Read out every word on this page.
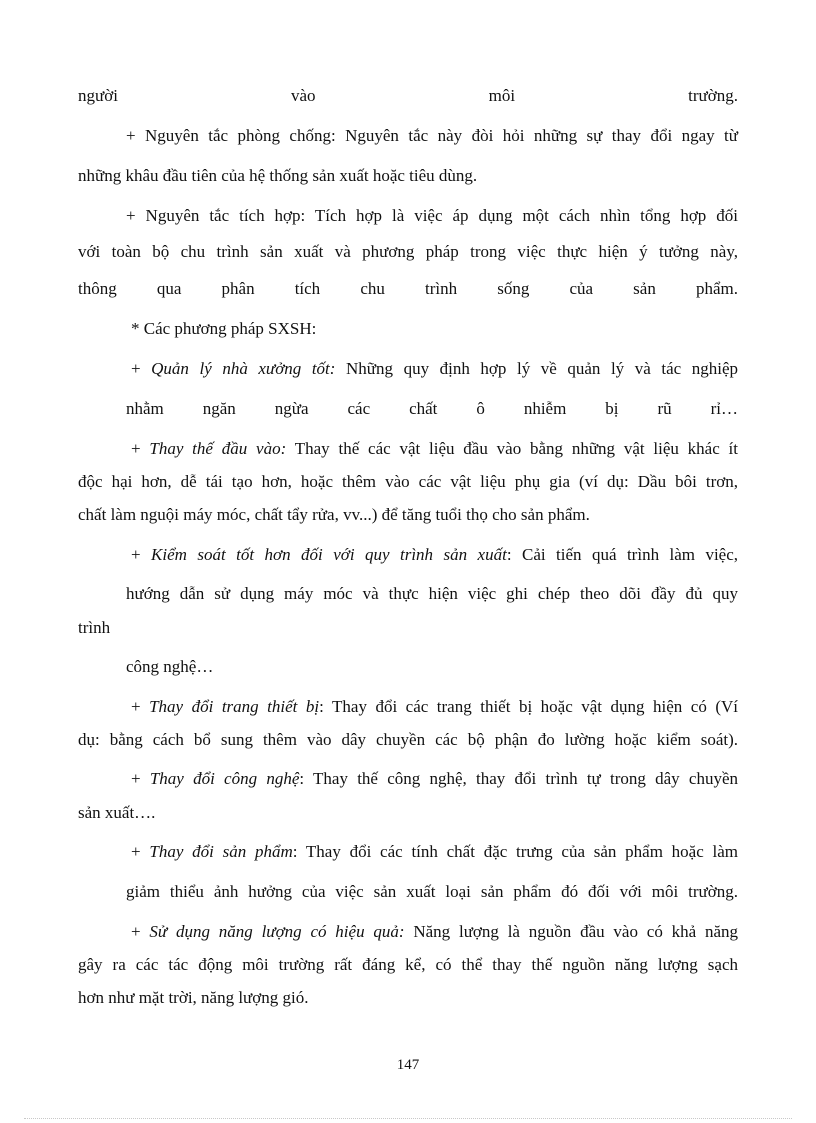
người vào môi trường.
+ Nguyên tắc phòng chống: Nguyên tắc này đòi hỏi những sự thay đổi ngay từ
những khâu đầu tiên của hệ thống sản xuất hoặc tiêu dùng.
+ Nguyên tắc tích hợp: Tích hợp là việc áp dụng một cách nhìn tổng hợp đối
với toàn bộ chu trình sản xuất và phương pháp trong việc thực hiện ý tưởng này,
thông qua phân tích chu trình sống của sản phẩm.
* Các phương pháp SXSH:
+ Quản lý nhà xưởng tốt: Những quy định hợp lý về quản lý và tác nghiệp
nhằm ngăn ngừa các chất ô nhiễm bị rũ rỉ…
+ Thay thế đầu vào: Thay thế các vật liệu đầu vào bằng những vật liệu khác ít
độc hại hơn, dễ tái tạo hơn, hoặc thêm vào các vật liệu phụ gia (ví dụ: Dầu bôi trơn,
chất làm nguội máy móc, chất tẩy rửa, vv...) để tăng tuổi thọ cho sản phẩm.
+ Kiểm soát tốt hơn đối với quy trình sản xuất: Cải tiến quá trình làm việc,
hướng dẫn sử dụng máy móc và thực hiện việc ghi chép theo dõi đầy đủ quy
trình
công nghệ…
+ Thay đổi trang thiết bị: Thay đổi các trang thiết bị hoặc vật dụng hiện có (Ví
dụ: bằng cách bổ sung thêm vào dây chuyền các bộ phận đo lường hoặc kiểm soát).
+ Thay đổi công nghệ: Thay thế công nghệ, thay đổi trình tự trong dây chuyền
sản xuất….
+ Thay đổi sản phẩm: Thay đổi các tính chất đặc trưng của sản phẩm hoặc làm
giảm thiểu ảnh hưởng của việc sản xuất loại sản phẩm đó đối với môi trường.
+ Sử dụng năng lượng có hiệu quả: Năng lượng là nguồn đầu vào có khả năng
gây ra các tác động môi trường rất đáng kể, có thể thay thế nguồn năng lượng sạch
hơn như mặt trời, năng lượng gió.
147
